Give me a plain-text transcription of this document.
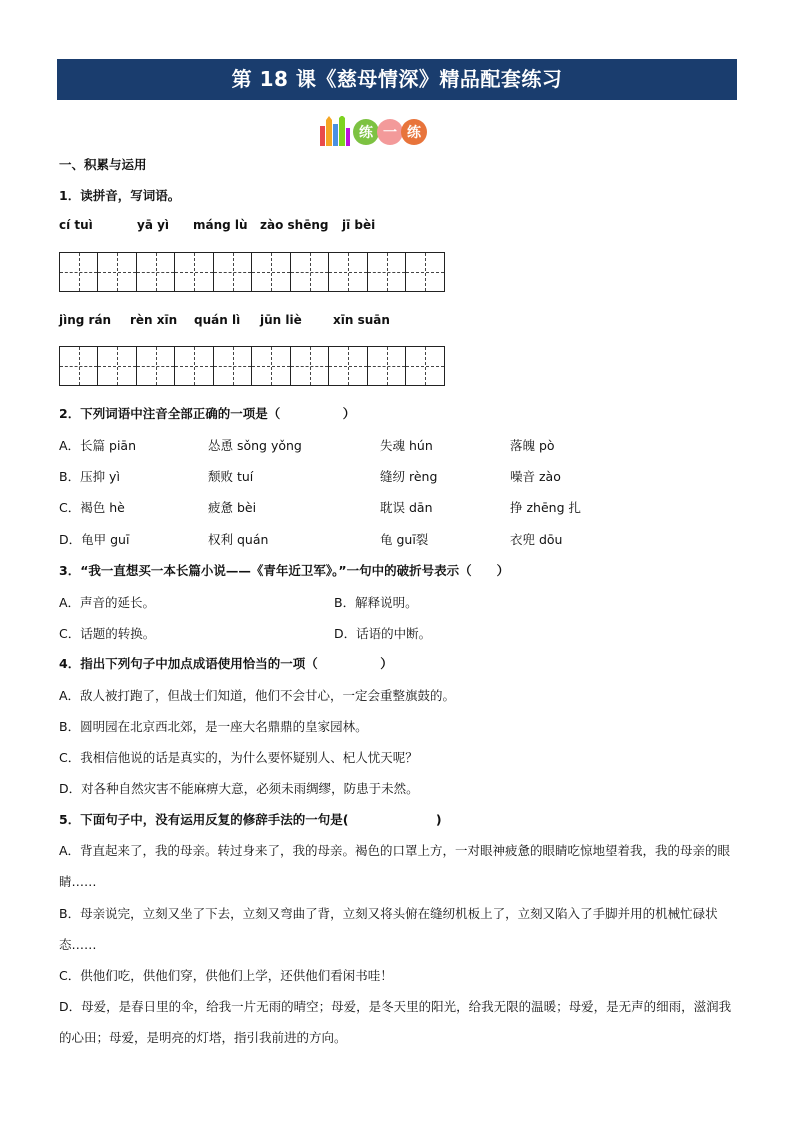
第 18 课《慈母情深》精品配套练习
练 一 练
一、积累与运用
1．读拼音，写词语。
cí tuì	yā yì máng lù zào shēng jī bèi
jìng rán rèn xīn quán lì jūn liè	xīn suān
2．下列词语中注音全部正确的一项是（　　　　　）
A．长篇 piān	怂恿 sǒng yǒng	失魂 hún	落魄 pò
B．压抑 yì	颓败 tuí	缝纫 rèng	噪音 zào
C．褐色 hè	疲惫 bèi	耽误 dān	挣 zhēng 扎
D．龟甲 guī	权利 quán	龟 guī裂	衣兜 dōu
3．“我一直想买一本长篇小说——《青年近卫军》。”一句中的破折号表示（　　）
A．声音的延长。	B．解释说明。
C．话题的转换。	D．话语的中断。
4．指出下列句子中加点成语使用恰当的一项（　　　　　）
A．敌人被打跑了，但战士们知道，他们不会甘心，一定会重整旗鼓的。
B．圆明园在北京西北郊，是一座大名鼎鼎的皇家园林。
C．我相信他说的话是真实的，为什么要怀疑别人、杞人忧天呢？
D．对各种自然灾害不能麻痹大意，必须未雨绸缪，防患于未然。
5．下面句子中，没有运用反复的修辞手法的一句是(　　　　　　　)
A．背直起来了，我的母亲。转过身来了，我的母亲。褐色的口罩上方，一对眼神疲惫的眼睛吃惊地望着我，我的母亲的眼睛……
B．母亲说完，立刻又坐了下去，立刻又弯曲了背，立刻又将头俯在缝纫机板上了，立刻又陷入了手脚并用的机械忙碌状态……
C．供他们吃，供他们穿，供他们上学，还供他们看闲书哇！
D．母爱，是春日里的伞，给我一片无雨的晴空；母爱，是冬天里的阳光，给我无限的温暖；母爱，是无声的细雨，滋润我的心田；母爱，是明亮的灯塔，指引我前进的方向。
